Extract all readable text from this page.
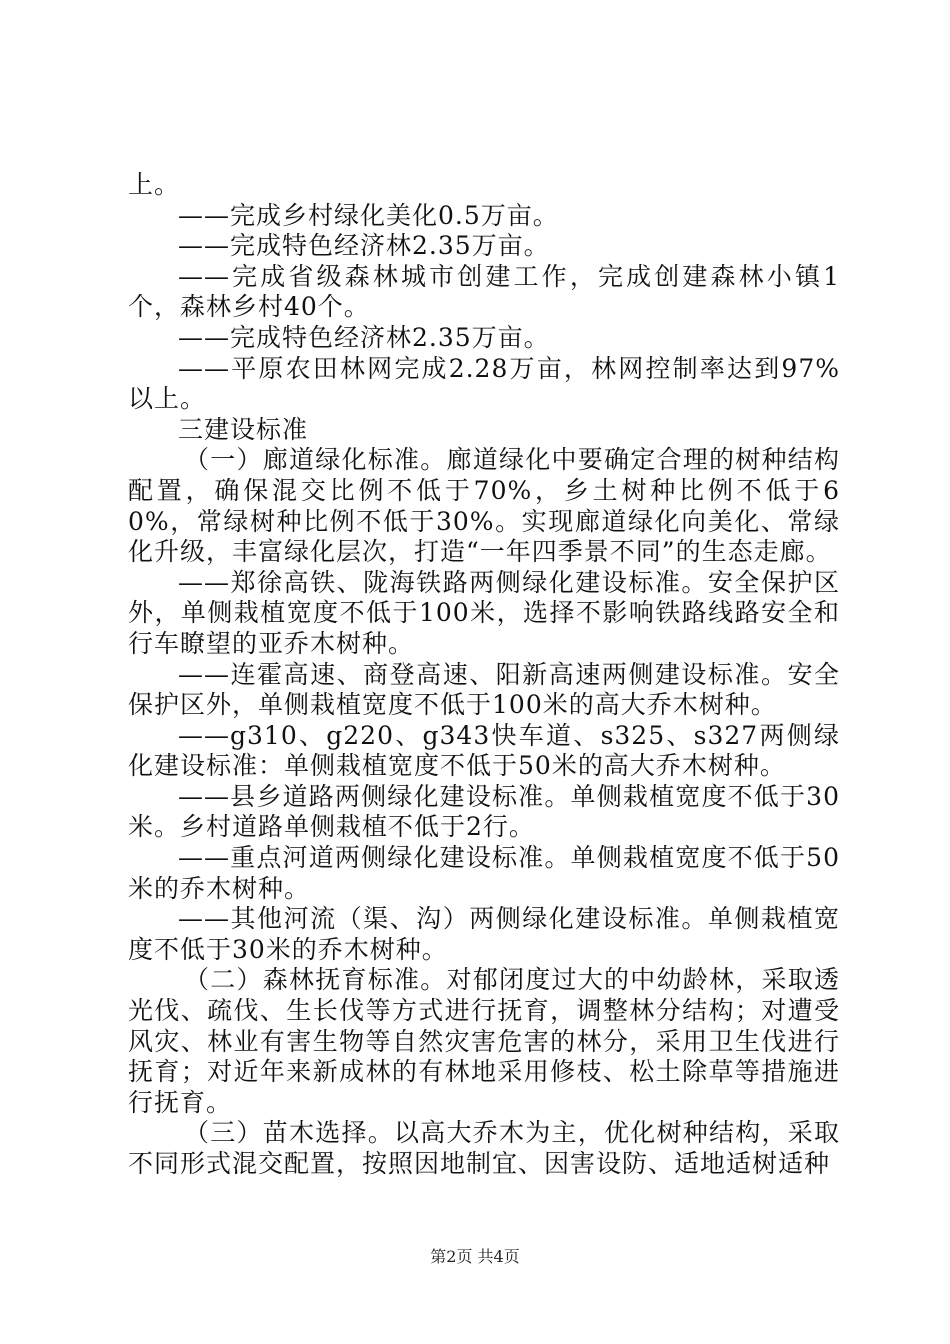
上。

——完成乡村绿化美化0.5万亩。

——完成特色经济林2.35万亩。

——完成省级森林城市创建工作，完成创建森林小镇1个，森林乡村40个。

——完成特色经济林2.35万亩。

——平原农田林网完成2.28万亩，林网控制率达到97%以上。

三建设标准

（一）廊道绿化标准。廊道绿化中要确定合理的树种结构配置，确保混交比例不低于70%，乡土树种比例不低于60%，常绿树种比例不低于30%。实现廊道绿化向美化、常绿化升级，丰富绿化层次，打造“一年四季景不同”的生态走廊。

——郑徐高铁、陇海铁路两侧绿化建设标准。安全保护区外，单侧栽植宽度不低于100米，选择不影响铁路线路安全和行车瞭望的亚乔木树种。

——连霍高速、商登高速、阳新高速两侧建设标准。安全保护区外，单侧栽植宽度不低于100米的高大乔木树种。

——g310、g220、g343快车道、s325、s327两侧绿化建设标准：单侧栽植宽度不低于50米的高大乔木树种。

——县乡道路两侧绿化建设标准。单侧栽植宽度不低于30米。乡村道路单侧栽植不低于2行。

——重点河道两侧绿化建设标准。单侧栽植宽度不低于50米的乔木树种。

——其他河流（渠、沟）两侧绿化建设标准。单侧栽植宽度不低于30米的乔木树种。

（二）森林抚育标准。对郁闭度过大的中幼龄林，采取透光伐、疏伐、生长伐等方式进行抚育，调整林分结构；对遭受风灾、林业有害生物等自然灾害危害的林分，采用卫生伐进行抚育；对近年来新成林的有林地采用修枝、松土除草等措施进行抚育。

（三）苗木选择。以高大乔木为主，优化树种结构，采取不同形式混交配置，按照因地制宜、因害设防、适地适树适种

第2页 共4页
